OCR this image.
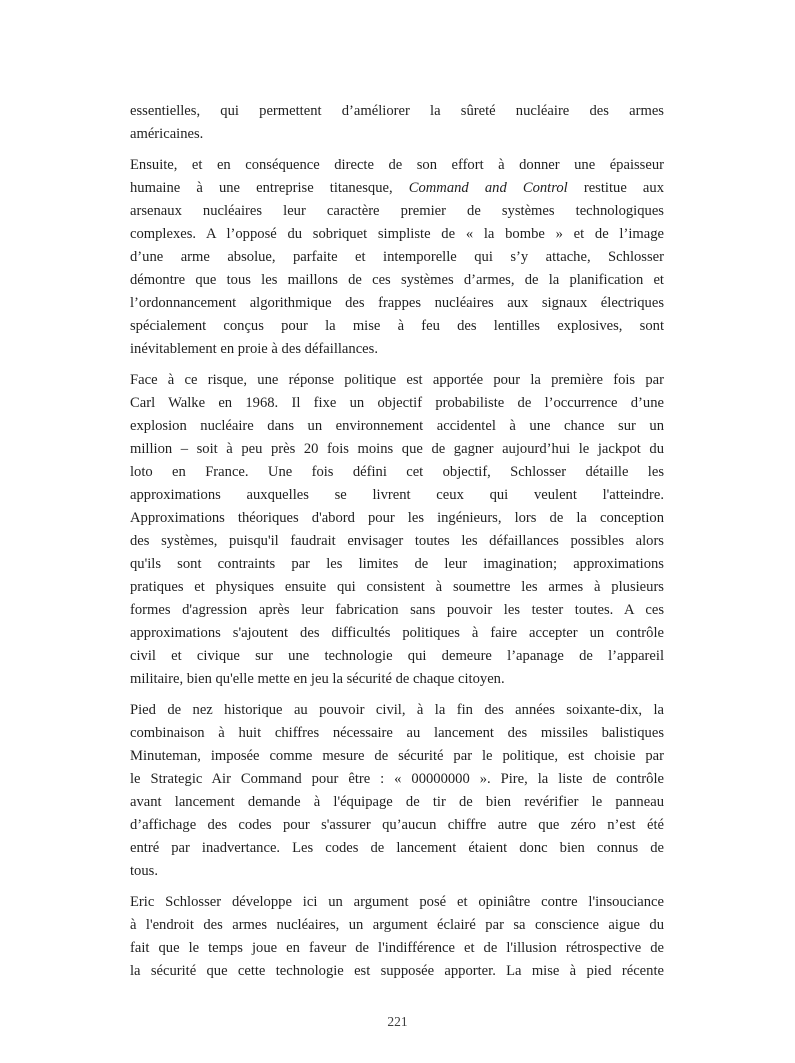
essentielles, qui permettent d’améliorer la sûreté nucléaire des armes
américaines.
Ensuite, et en conséquence directe de son effort à donner une épaisseur
humaine à une entreprise titanesque, Command and Control restitue aux
arsenaux nucléaires leur caractère premier de systèmes technologiques
complexes. A l’opposé du sobriquet simpliste de « la bombe » et de l’image
d’une arme absolue, parfaite et intemporelle qui s’y attache, Schlosser
démontre que tous les maillons de ces systèmes d’armes, de la planification et
l’ordonnancement algorithmique des frappes nucléaires aux signaux électriques
spécialement conçus pour la mise à feu des lentilles explosives, sont
inévitablement en proie à des défaillances.
Face à ce risque, une réponse politique est apportée pour la première fois par
Carl Walke en 1968. Il fixe un objectif probabiliste de l’occurrence d’une
explosion nucléaire dans un environnement accidentel à une chance sur un
million – soit à peu près 20 fois moins que de gagner aujourd’hui le jackpot du
loto en France. Une fois défini cet objectif, Schlosser détaille les
approximations auxquelles se livrent ceux qui veulent l'atteindre.
Approximations théoriques d'abord pour les ingénieurs, lors de la conception
des systèmes, puisqu'il faudrait envisager toutes les défaillances possibles alors
qu'ils sont contraints par les limites de leur imagination; approximations
pratiques et physiques ensuite qui consistent à soumettre les armes à plusieurs
formes d'agression après leur fabrication sans pouvoir les tester toutes. A ces
approximations s'ajoutent des difficultés politiques à faire accepter un contrôle
civil et civique sur une technologie qui demeure l’apanage de l’appareil
militaire, bien qu'elle mette en jeu la sécurité de chaque citoyen.
Pied de nez historique au pouvoir civil, à la fin des années soixante-dix, la
combinaison à huit chiffres nécessaire au lancement des missiles balistiques
Minuteman, imposée comme mesure de sécurité par le politique, est choisie par
le Strategic Air Command pour être : « 00000000 ». Pire, la liste de contrôle
avant lancement demande à l'équipage de tir de bien revérifier le panneau
d’affichage des codes pour s'assurer qu’aucun chiffre autre que zéro n’est été
entré par inadvertance. Les codes de lancement étaient donc bien connus de
tous.
Eric Schlosser développe ici un argument posé et opiniâtre contre l'insouciance
à l'endroit des armes nucléaires, un argument éclairé par sa conscience aigue du
fait que le temps joue en faveur de l'indifférence et de l'illusion rétrospective de
la sécurité que cette technologie est supposée apporter. La mise à pied récente
221
